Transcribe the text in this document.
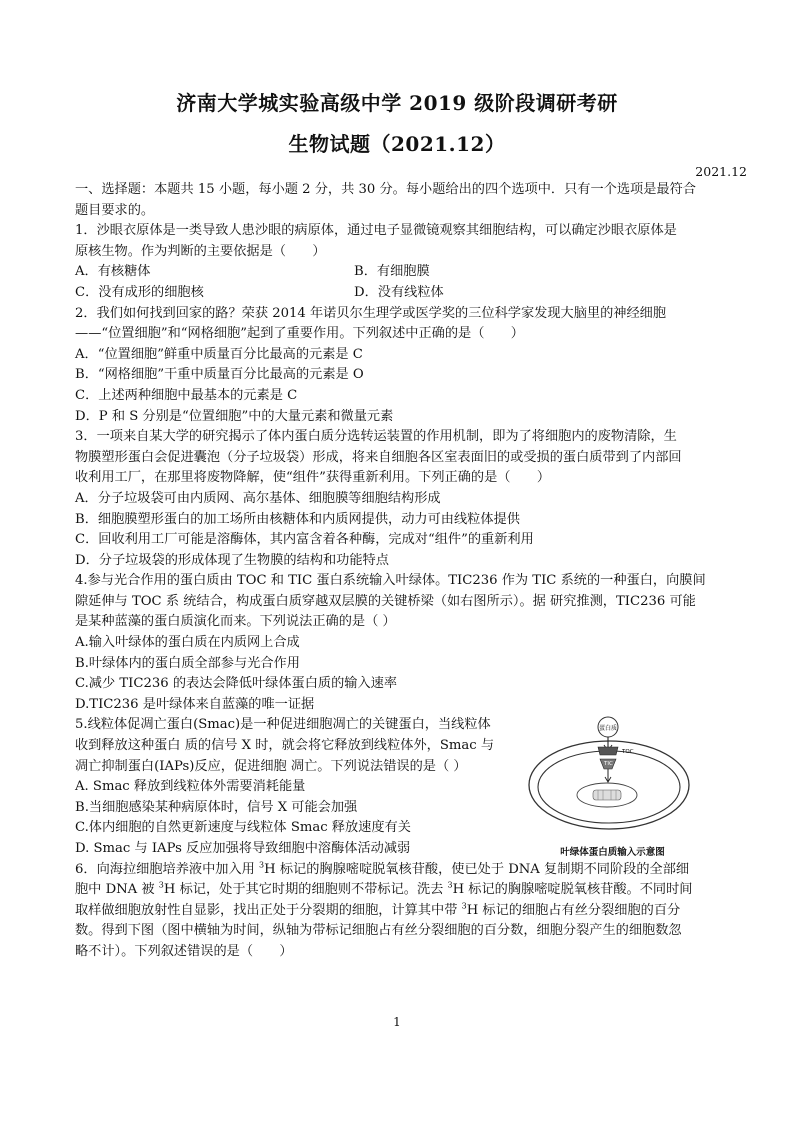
济南大学城实验高级中学 2019 级阶段调研考研
生物试题（2021.12）
2021.12

一、选择题：本题共 15 小题，每小题 2 分，共 30 分。每小题给出的四个选项中．只有一个选项是最符合

题目要求的。

1．沙眼衣原体是一类导致人患沙眼的病原体，通过电子显微镜观察其细胞结构，可以确定沙眼衣原体是

原核生物。作为判断的主要依据是（　　）

A．有核糖体	B．有细胞膜
C．没有成形的细胞核	D．没有线粒体

2．我们如何找到回家的路？荣获 2014 年诺贝尔生理学或医学奖的三位科学家发现大脑里的神经细胞

——“位置细胞”和“网格细胞”起到了重要作用。下列叙述中正确的是（　　）

A．“位置细胞”鲜重中质量百分比最高的元素是 C

B．“网格细胞”干重中质量百分比最高的元素是 O

C．上述两种细胞中最基本的元素是 C

D．P 和 S 分别是“位置细胞”中的大量元素和微量元素

3．一项来自某大学的研究揭示了体内蛋白质分选转运装置的作用机制，即为了将细胞内的废物清除，生

物膜塑形蛋白会促进囊泡（分子垃圾袋）形成，将来自细胞各区室表面旧的或受损的蛋白质带到了内部回

收利用工厂，在那里将废物降解，使“组件”获得重新利用。下列正确的是（　　）

A．分子垃圾袋可由内质网、高尔基体、细胞膜等细胞结构形成

B．细胞膜塑形蛋白的加工场所由核糖体和内质网提供，动力可由线粒体提供

C．回收利用工厂可能是溶酶体，其内富含着各种酶，完成对“组件”的重新利用

D．分子垃圾袋的形成体现了生物膜的结构和功能特点

4.参与光合作用的蛋白质由 TOC 和 TIC 蛋白系统输入叶绿体。TIC236 作为 TIC 系统的一种蛋白，向膜间

隙延伸与 TOC 系 统结合，构成蛋白质穿越双层膜的关键桥梁（如右图所示）。据 研究推测，TIC236 可能

是某种蓝藻的蛋白质演化而来。下列说法正确的是（ ）

A.输入叶绿体的蛋白质在内质网上合成

B.叶绿体内的蛋白质全部参与光合作用

C.减少 TIC236 的表达会降低叶绿体蛋白质的输入速率

D.TIC236 是叶绿体来自蓝藻的唯一证据

5.线粒体促凋亡蛋白(Smac)是一种促进细胞凋亡的关键蛋白，当线粒体

收到释放这种蛋白 质的信号 X 时，就会将它释放到线粒体外，Smac 与

凋亡抑制蛋白(IAPs)反应，促进细胞 凋亡。下列说法错误的是（ ）

A. Smac 释放到线粒体外需要消耗能量

B.当细胞感染某种病原体时，信号 X 可能会加强

C.体内细胞的自然更新速度与线粒体 Smac 释放速度有关

D. Smac 与 IAPs 反应加强将导致细胞中溶酶体活动减弱

蛋白质
TOC
TIC
叶绿体蛋白质输入示意图

6．向海拉细胞培养液中加入用 $^3$H 标记的胸腺嘧啶脱氧核苷酸，使已处于 DNA 复制期不同阶段的全部细

胞中 DNA 被 $^3$H 标记，处于其它时期的细胞则不带标记。洗去 $^3$H 标记的胸腺嘧啶脱氧核苷酸。不同时间

取样做细胞放射性自显影，找出正处于分裂期的细胞，计算其中带 $^3$H 标记的细胞占有丝分裂细胞的百分

数。得到下图（图中横轴为时间，纵轴为带标记细胞占有丝分裂细胞的百分数，细胞分裂产生的细胞数忽

略不计）。下列叙述错误的是（　　）

1
